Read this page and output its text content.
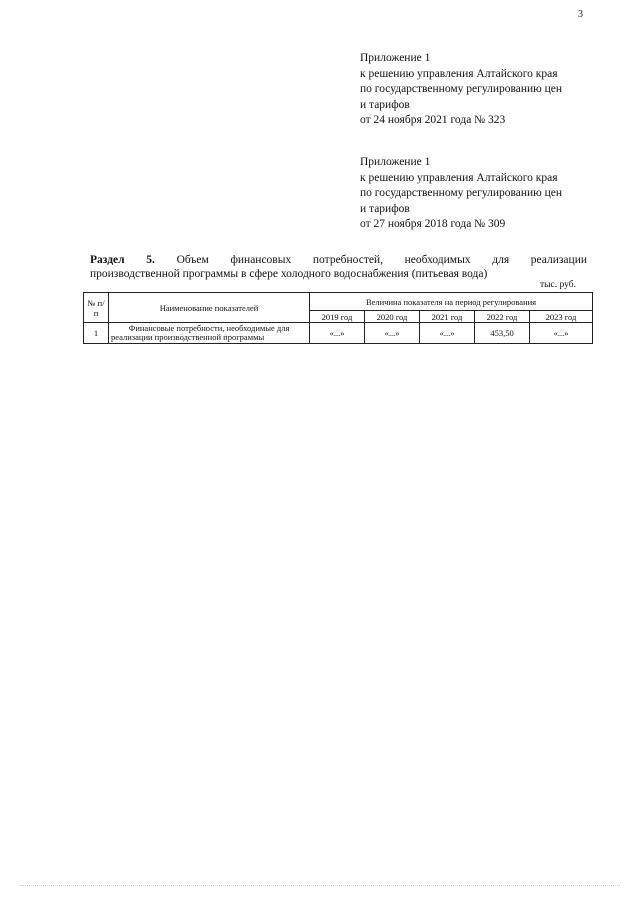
3
Приложение 1
к решению управления Алтайского края
по государственному регулированию цен
и тарифов
от 24 ноября 2021 года № 323
Приложение 1
к решению управления Алтайского края
по государственному регулированию цен
и тарифов
от 27 ноября 2018 года № 309
Раздел 5. Объем финансовых потребностей, необходимых для реализации
производственной программы в сфере холодного водоснабжения (питьевая вода)
тыс. руб.
№ п/п	Наименование показателей	Величина показателя на период регулирования				
		2019 год	2020 год	2021 год	2022 год	2023 год
1	Финансовые потребности, необходимые для реализации производственной программы	«...»	«...»	«...»	453,50	«...»
